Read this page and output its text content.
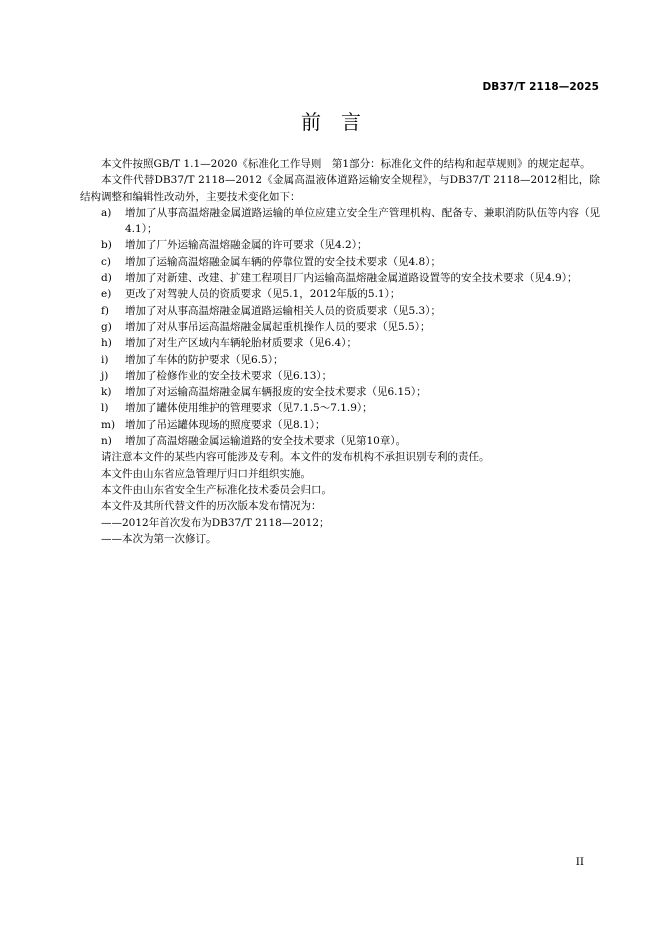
DB37/T 2118—2025
前　言

本文件按照GB/T 1.1—2020《标准化工作导则　第1部分：标准化文件的结构和起草规则》的规定起草。

本文件代替DB37/T 2118—2012《金属高温液体道路运输安全规程》，与DB37/T 2118—2012相比，除结构调整和编辑性改动外，主要技术变化如下：

a) 增加了从事高温熔融金属道路运输的单位应建立安全生产管理机构、配备专、兼职消防队伍等内容（见4.1）；

b) 增加了厂外运输高温熔融金属的许可要求（见4.2）；

c) 增加了运输高温熔融金属车辆的停靠位置的安全技术要求（见4.8）；

d) 增加了对新建、改建、扩建工程项目厂内运输高温熔融金属道路设置等的安全技术要求（见4.9）；

e) 更改了对驾驶人员的资质要求（见5.1，2012年版的5.1）；

f) 增加了对从事高温熔融金属道路运输相关人员的资质要求（见5.3）；

g) 增加了对从事吊运高温熔融金属起重机操作人员的要求（见5.5）；

h) 增加了对生产区域内车辆轮胎材质要求（见6.4）；

i) 增加了车体的防护要求（见6.5）；

j) 增加了检修作业的安全技术要求（见6.13）；

k) 增加了对运输高温熔融金属车辆报废的安全技术要求（见6.15）；

l) 增加了罐体使用维护的管理要求（见7.1.5～7.1.9）；

m) 增加了吊运罐体现场的照度要求（见8.1）；

n) 增加了高温熔融金属运输道路的安全技术要求（见第10章）。

请注意本文件的某些内容可能涉及专利。本文件的发布机构不承担识别专利的责任。

本文件由山东省应急管理厅归口并组织实施。

本文件由山东省安全生产标准化技术委员会归口。

本文件及其所代替文件的历次版本发布情况为：

——2012年首次发布为DB37/T 2118—2012；

——本次为第一次修订。

II
